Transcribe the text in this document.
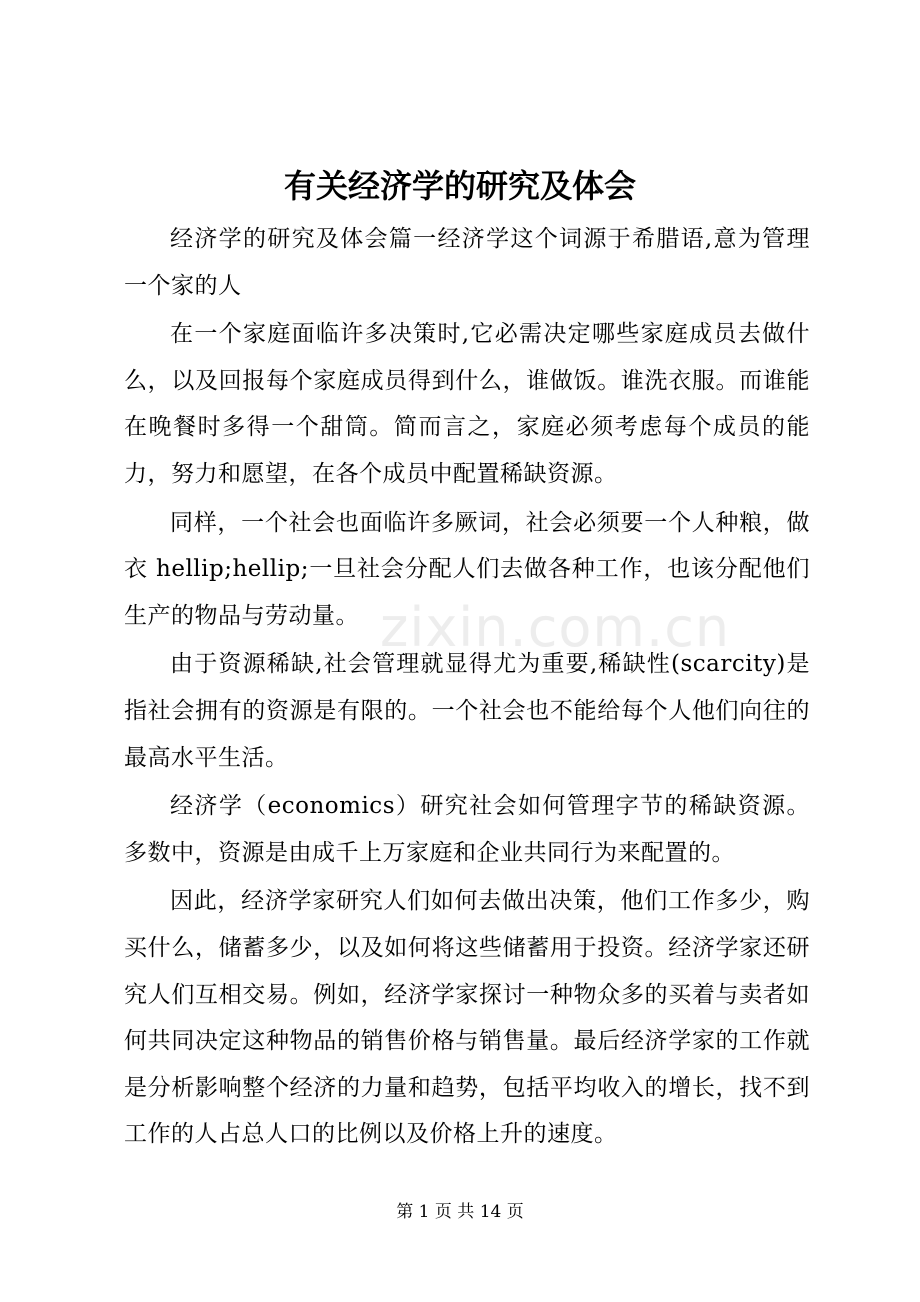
zixin.com.cn
有关经济学的研究及体会

经济学的研究及体会篇一经济学这个词源于希腊语,意为管理一个家的人

在一个家庭面临许多决策时,它必需决定哪些家庭成员去做什么，以及回报每个家庭成员得到什么，谁做饭。谁洗衣服。而谁能在晚餐时多得一个甜筒。简而言之，家庭必须考虑每个成员的能力，努力和愿望，在各个成员中配置稀缺资源。

同样，一个社会也面临许多厥词，社会必须要一个人种粮，做衣 hellip;hellip;一旦社会分配人们去做各种工作，也该分配他们生产的物品与劳动量。

由于资源稀缺,社会管理就显得尤为重要,稀缺性(scarcity)是指社会拥有的资源是有限的。一个社会也不能给每个人他们向往的最高水平生活。

经济学（economics）研究社会如何管理字节的稀缺资源。多数中，资源是由成千上万家庭和企业共同行为来配置的。

因此，经济学家研究人们如何去做出决策，他们工作多少，购买什么，储蓄多少，以及如何将这些储蓄用于投资。经济学家还研究人们互相交易。例如，经济学家探讨一种物众多的买着与卖者如何共同决定这种物品的销售价格与销售量。最后经济学家的工作就是分析影响整个经济的力量和趋势，包括平均收入的增长，找不到工作的人占总人口的比例以及价格上升的速度。

第 1 页 共 14 页
